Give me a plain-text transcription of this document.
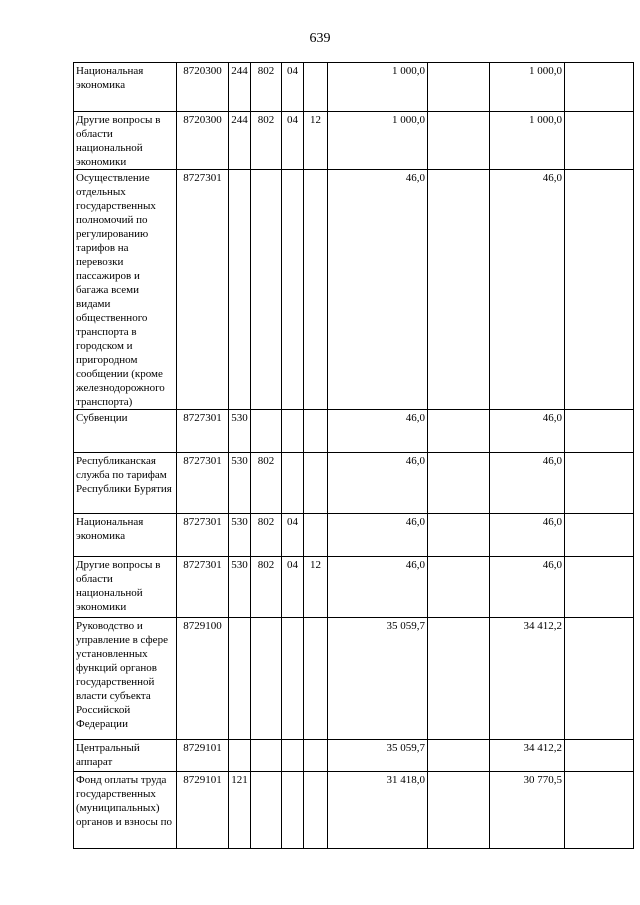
639
Национальная экономика	8720300	244	802	04		1 000,0		1 000,0	
Другие вопросы в области национальной экономики	8720300	244	802	04	12	1 000,0		1 000,0	
Осуществление отдельных государственных полномочий по регулированию тарифов на перевозки пассажиров и багажа всеми видами общественного транспорта в городском и пригородном сообщении (кроме железнодорожного транспорта)	8727301					46,0		46,0	
Субвенции	8727301	530				46,0		46,0	
Республиканская служба по тарифам Республики Бурятия	8727301	530	802			46,0		46,0	
Национальная экономика	8727301	530	802	04		46,0		46,0	
Другие вопросы в области национальной экономики	8727301	530	802	04	12	46,0		46,0	
Руководство и управление в сфере установленных функций органов государственной власти субъекта Российской Федерации	8729100					35 059,7		34 412,2	
Центральный аппарат	8729101					35 059,7		34 412,2	
Фонд оплаты труда государственных (муниципальных) органов и взносы по	8729101	121				31 418,0		30 770,5	
